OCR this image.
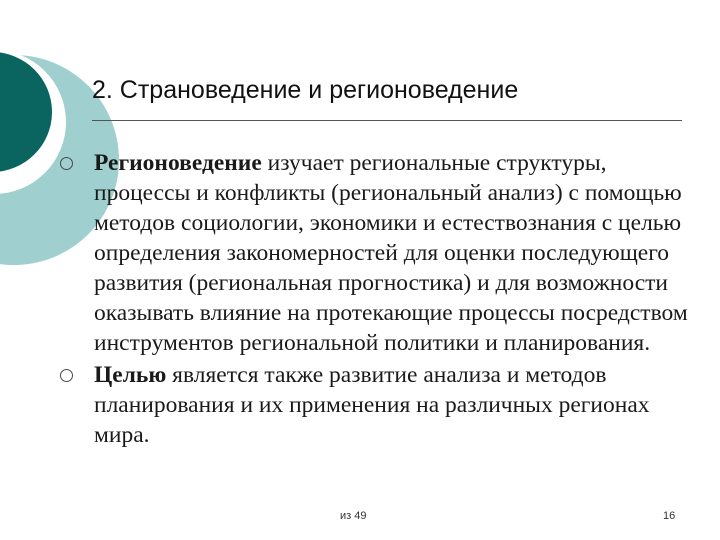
2. Страноведение и регионоведение
Регионоведение изучает региональные структуры, процессы и конфликты (региональный анализ) с помощью методов социологии, экономики и естествознания с целью определения закономерностей для оценки последующего развития (региональная прогностика) и для возможности оказывать влияние на протекающие процессы посредством инструментов региональной политики и планирования.
Целью является также развитие анализа и методов планирования и их применения на различных регионах мира.
из 49	16
